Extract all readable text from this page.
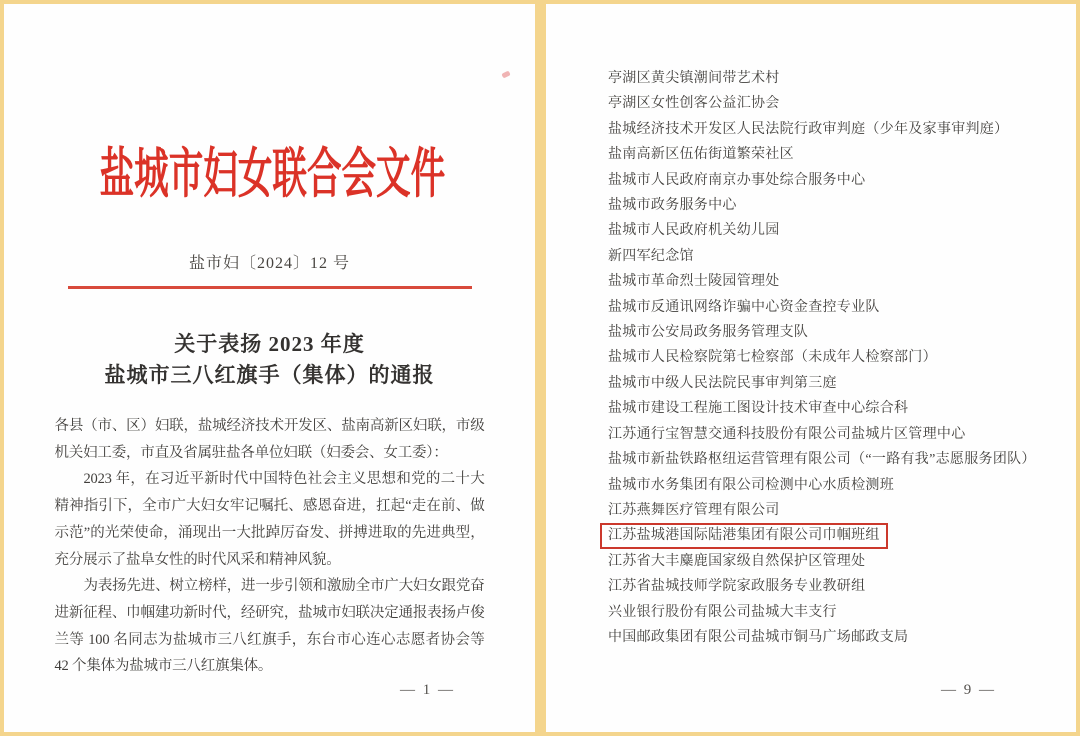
盐城市妇女联合会文件
盐市妇〔2024〕12 号
关于表扬 2023 年度
盐城市三八红旗手（集体）的通报

各县（市、区）妇联，盐城经济技术开发区、盐南高新区妇联，市级机关妇工委，市直及省属驻盐各单位妇联（妇委会、女工委）：

2023 年，在习近平新时代中国特色社会主义思想和党的二十大精神指引下，全市广大妇女牢记嘱托、感恩奋进，扛起“走在前、做示范”的光荣使命，涌现出一大批踔厉奋发、拼搏进取的先进典型，充分展示了盐阜女性的时代风采和精神风貌。

为表扬先进、树立榜样，进一步引领和激励全市广大妇女跟党奋进新征程、巾帼建功新时代，经研究，盐城市妇联决定通报表扬卢俊兰等 100 名同志为盐城市三八红旗手，东台市心连心志愿者协会等 42 个集体为盐城市三八红旗集体。

— 1 —
亭湖区黄尖镇潮间带艺术村
亭湖区女性创客公益汇协会
盐城经济技术开发区人民法院行政审判庭（少年及家事审判庭）
盐南高新区伍佑街道繁荣社区
盐城市人民政府南京办事处综合服务中心
盐城市政务服务中心
盐城市人民政府机关幼儿园
新四军纪念馆
盐城市革命烈士陵园管理处
盐城市反通讯网络诈骗中心资金查控专业队
盐城市公安局政务服务管理支队
盐城市人民检察院第七检察部（未成年人检察部门）
盐城市中级人民法院民事审判第三庭
盐城市建设工程施工图设计技术审查中心综合科
江苏通行宝智慧交通科技股份有限公司盐城片区管理中心
盐城市新盐铁路枢纽运营管理有限公司（“一路有我”志愿服务团队）
盐城市水务集团有限公司检测中心水质检测班
江苏燕舞医疗管理有限公司
江苏盐城港国际陆港集团有限公司巾帼班组
江苏省大丰麋鹿国家级自然保护区管理处
江苏省盐城技师学院家政服务专业教研组
兴业银行股份有限公司盐城大丰支行
中国邮政集团有限公司盐城市铜马广场邮政支局
— 9 —
